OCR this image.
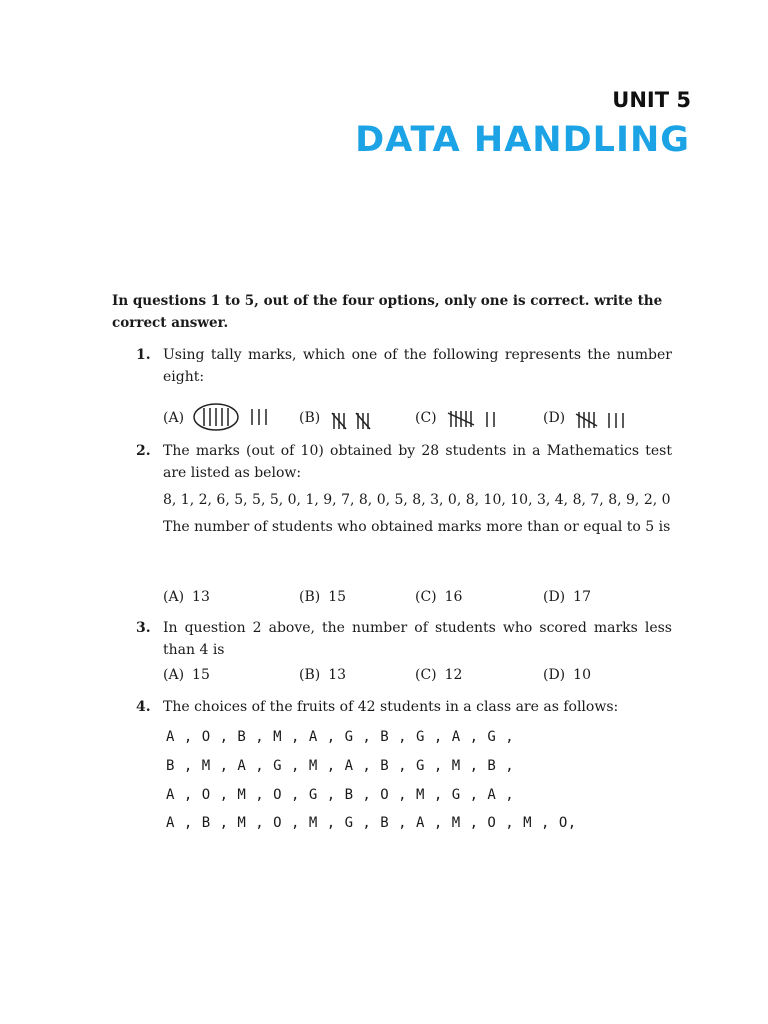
UNIT 5
DATA HANDLING
In questions 1 to 5, out of the four options, only one is correct. write the correct answer.
1. Using tally marks, which one of the following represents the number eight:
(A)	(B)	(C)	(D)
2. The marks (out of 10) obtained by 28 students in a Mathematics test are listed as below:
8, 1, 2, 6, 5, 5, 5, 0, 1, 9, 7, 8, 0, 5, 8, 3, 0, 8, 10, 10, 3, 4, 8, 7, 8, 9, 2, 0
The number of students who obtained marks more than or equal to 5 is
(A) 13	(B) 15	(C) 16	(D) 17
3. In question 2 above, the number of students who scored marks less than 4 is
(A) 15	(B) 13	(C) 12	(D) 10
4. The choices of the fruits of 42 students in a class are as follows:
A , O , B , M , A , G , B , G , A , G ,
B , M , A , G , M , A , B , G , M , B ,
A , O , M , O , G , B , O , M , G , A ,
A , B , M , O , M , G , B , A , M , O , M , O,
